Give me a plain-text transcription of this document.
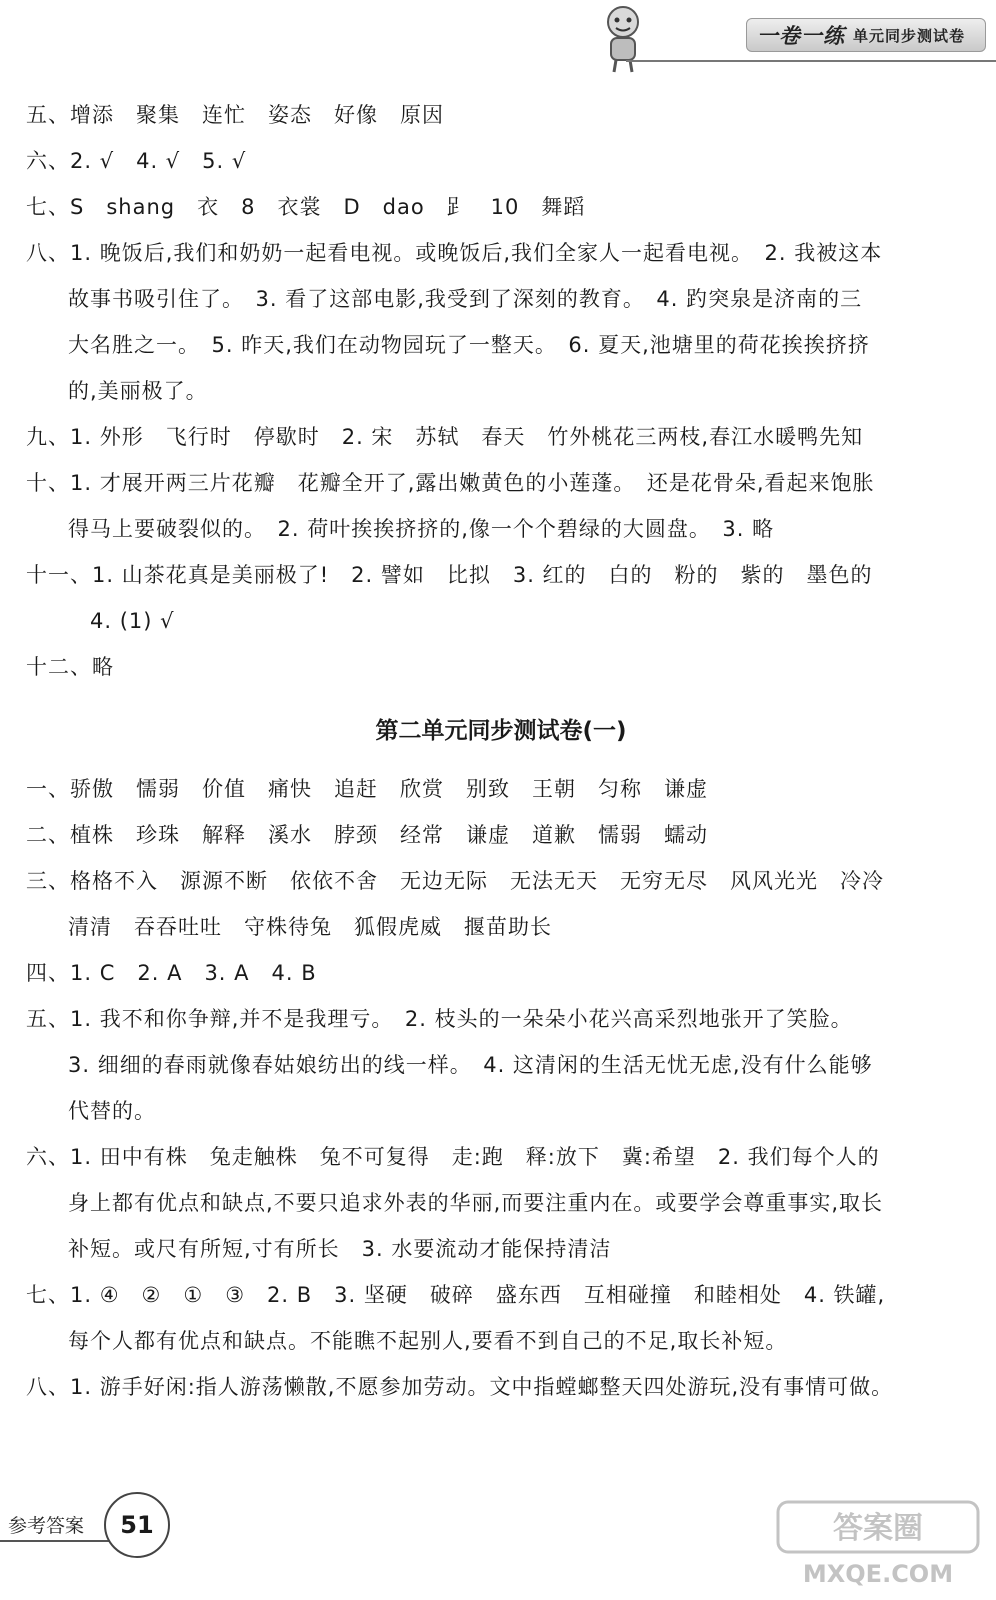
一卷一练 单元同步测试卷
五、增添　聚集　连忙　姿态　好像　原因
六、2. √　4. √　5. √
七、S　shang　衣　8　衣裳　D　dao　𧾷　10　舞蹈
八、1. 晚饭后,我们和奶奶一起看电视。或晚饭后,我们全家人一起看电视。　2. 我被这本
故事书吸引住了。　3. 看了这部电影,我受到了深刻的教育。　4. 趵突泉是济南的三
大名胜之一。　5. 昨天,我们在动物园玩了一整天。　6. 夏天,池塘里的荷花挨挨挤挤
的,美丽极了。
九、1. 外形　飞行时　停歇时　2. 宋　苏轼　春天　竹外桃花三两枝,春江水暖鸭先知
十、1. 才展开两三片花瓣　花瓣全开了,露出嫩黄色的小莲蓬。　还是花骨朵,看起来饱胀
得马上要破裂似的。　2. 荷叶挨挨挤挤的,像一个个碧绿的大圆盘。　3. 略
十一、1. 山茶花真是美丽极了!　2. 譬如　比拟　3. 红的　白的　粉的　紫的　墨色的
4. (1) √
十二、略
第二单元同步测试卷(一)
一、骄傲　懦弱　价值　痛快　追赶　欣赏　别致　王朝　匀称　谦虚
二、植株　珍珠　解释　溪水　脖颈　经常　谦虚　道歉　懦弱　蠕动
三、格格不入　源源不断　依依不舍　无边无际　无法无天　无穷无尽　风风光光　冷冷
清清　吞吞吐吐　守株待兔　狐假虎威　揠苗助长
四、1. C　2. A　3. A　4. B
五、1. 我不和你争辩,并不是我理亏。　2. 枝头的一朵朵小花兴高采烈地张开了笑脸。
3. 细细的春雨就像春姑娘纺出的线一样。　4. 这清闲的生活无忧无虑,没有什么能够
代替的。
六、1. 田中有株　兔走触株　兔不可复得　走:跑　释:放下　冀:希望　2. 我们每个人的
身上都有优点和缺点,不要只追求外表的华丽,而要注重内在。或要学会尊重事实,取长
补短。或尺有所短,寸有所长　3. 水要流动才能保持清洁
七、1. ④　②　①　③　2. B　3. 坚硬　破碎　盛东西　互相碰撞　和睦相处　4. 铁罐,
每个人都有优点和缺点。不能瞧不起别人,要看不到自己的不足,取长补短。
八、1. 游手好闲:指人游荡懒散,不愿参加劳动。文中指螳螂整天四处游玩,没有事情可做。
参考答案	51	答案圈
MXQE.COM
